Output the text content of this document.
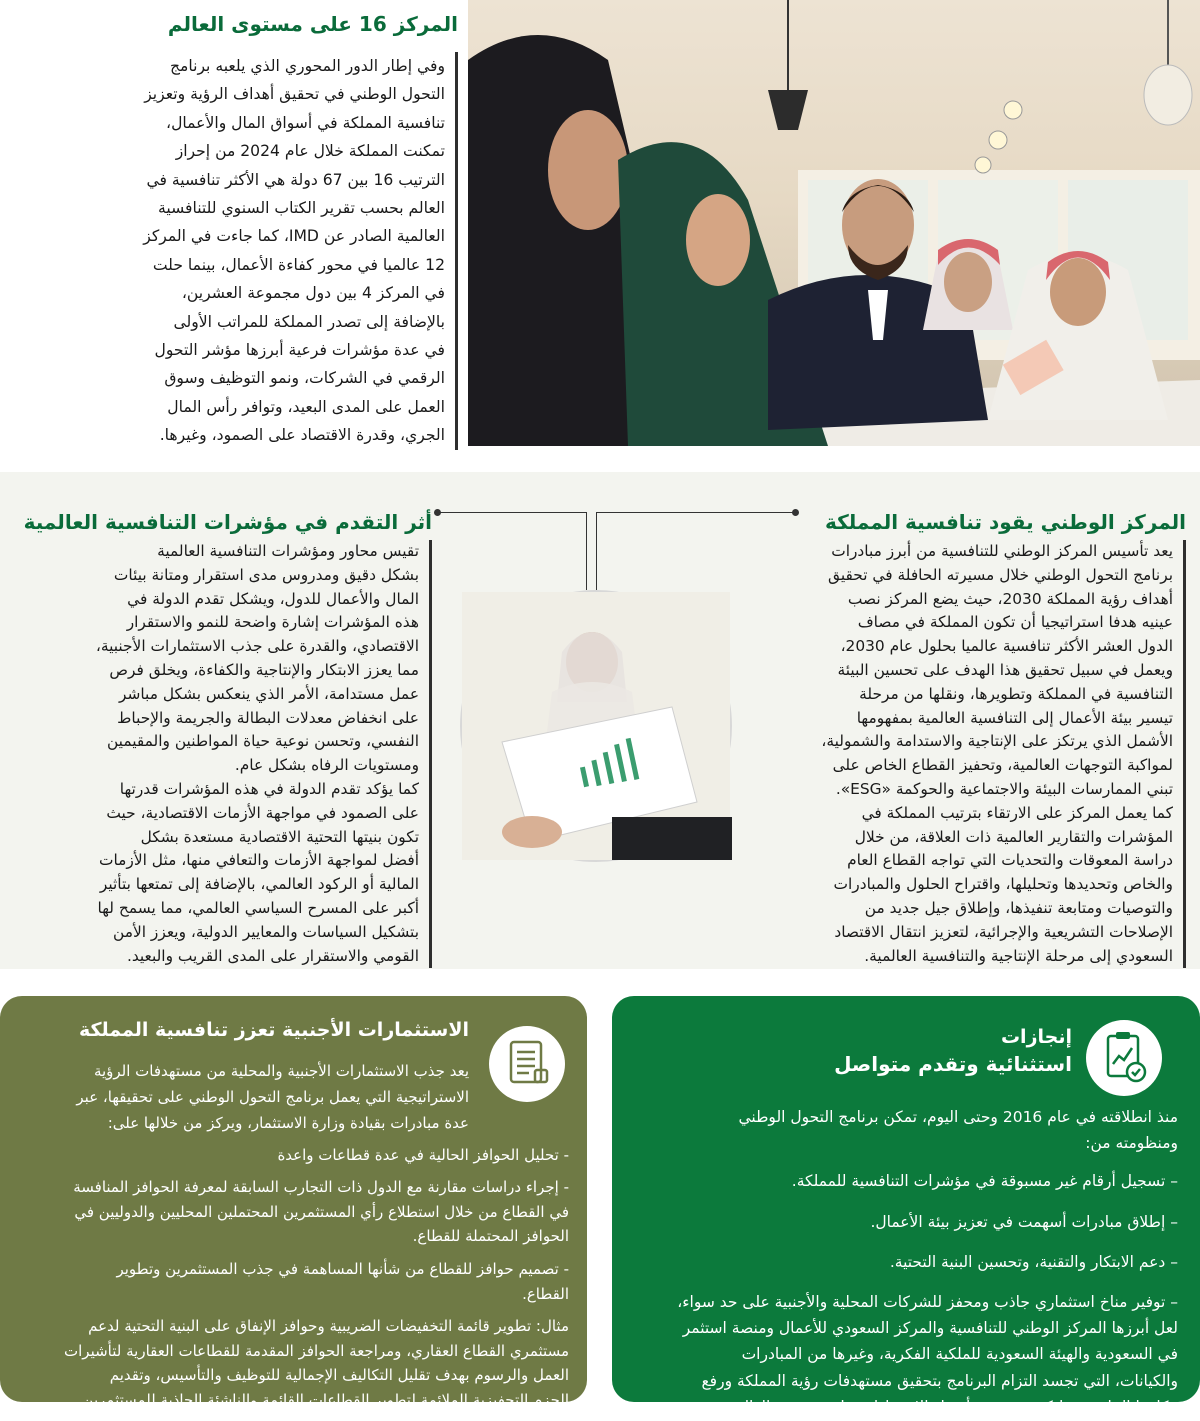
المركز 16 على مستوى العالم

وفي إطار الدور المحوري الذي يلعبه برنامج

التحول الوطني في تحقيق أهداف الرؤية وتعزيز

تنافسية المملكة في أسواق المال والأعمال،

تمكنت المملكة خلال عام 2024 من إحراز

الترتيب 16 بين 67 دولة هي الأكثر تنافسية في

العالم بحسب تقرير الكتاب السنوي للتنافسية

العالمية الصادر عن IMD، كما جاءت في المركز

12 عالميا في محور كفاءة الأعمال، بينما حلت

في المركز 4 بين دول مجموعة العشرين،

بالإضافة إلى تصدر المملكة للمراتب الأولى

في عدة مؤشرات فرعية أبرزها مؤشر التحول

الرقمي في الشركات، ونمو التوظيف وسوق

العمل على المدى البعيد، وتوافر رأس المال

الجري، وقدرة الاقتصاد على الصمود، وغيرها.

المركز الوطني يقود تنافسية المملكة

يعد تأسيس المركز الوطني للتنافسية من أبرز مبادرات

برنامج التحول الوطني خلال مسيرته الحافلة في تحقيق

أهداف رؤية المملكة 2030، حيث يضع المركز نصب

عينيه هدفا استراتيجيا أن تكون المملكة في مصاف

الدول العشر الأكثر تنافسية عالميا بحلول عام 2030،

ويعمل في سبيل تحقيق هذا الهدف على تحسين البيئة

التنافسية في المملكة وتطويرها، ونقلها من مرحلة

تيسير بيئة الأعمال إلى التنافسية العالمية بمفهومها

الأشمل الذي يرتكز على الإنتاجية والاستدامة والشمولية،

لمواكبة التوجهات العالمية، وتحفيز القطاع الخاص على

تبني الممارسات البيئة والاجتماعية والحوكمة «ESG».

كما يعمل المركز على الارتقاء بترتيب المملكة في

المؤشرات والتقارير العالمية ذات العلاقة، من خلال

دراسة المعوقات والتحديات التي تواجه القطاع العام

والخاص وتحديدها وتحليلها، واقتراح الحلول والمبادرات

والتوصيات ومتابعة تنفيذها، وإطلاق جيل جديد من

الإصلاحات التشريعية والإجرائية، لتعزيز انتقال الاقتصاد

السعودي إلى مرحلة الإنتاجية والتنافسية العالمية.

أثر التقدم في مؤشرات التنافسية العالمية

تقيس محاور ومؤشرات التنافسية العالمية

بشكل دقيق ومدروس مدى استقرار ومتانة بيئات

المال والأعمال للدول، ويشكل تقدم الدولة في

هذه المؤشرات إشارة واضحة للنمو والاستقرار

الاقتصادي، والقدرة على جذب الاستثمارات الأجنبية،

مما يعزز الابتكار والإنتاجية والكفاءة، ويخلق فرص

عمل مستدامة، الأمر الذي ينعكس بشكل مباشر

على انخفاض معدلات البطالة والجريمة والإحباط

النفسي، وتحسن نوعية حياة المواطنين والمقيمين

ومستويات الرفاه بشكل عام.

كما يؤكد تقدم الدولة في هذه المؤشرات قدرتها

على الصمود في مواجهة الأزمات الاقتصادية، حيث

تكون بنيتها التحتية الاقتصادية مستعدة بشكل

أفضل لمواجهة الأزمات والتعافي منها، مثل الأزمات

المالية أو الركود العالمي، بالإضافة إلى تمتعها بتأثير

أكبر على المسرح السياسي العالمي، مما يسمح لها

بتشكيل السياسات والمعايير الدولية، ويعزز الأمن

القومي والاستقرار على المدى القريب والبعيد.

إنجازات

استثنائية وتقدم متواصل

منذ انطلاقته في عام 2016 وحتى اليوم، تمكن برنامج التحول الوطني

ومنظومته من:

– تسجيل أرقام غير مسبوقة في مؤشرات التنافسية للمملكة.

– إطلاق مبادرات أسهمت في تعزيز بيئة الأعمال.

– دعم الابتكار والتقنية، وتحسين البنية التحتية.

– توفير مناخ استثماري جاذب ومحفز للشركات المحلية والأجنبية على حد سواء،

لعل أبرزها المركز الوطني للتنافسية والمركز السعودي للأعمال ومنصة استثمر

في السعودية والهيئة السعودية للملكية الفكرية، وغيرها من المبادرات

والكيانات، التي تجسد التزام البرنامج بتحقيق مستهدفات رؤية المملكة ورفع

مكانتها التنافسية، لتكون من بين أفضل الاقتصادات على مستوى العالم.

الاستثمارات الأجنبية تعزز تنافسية المملكة

يعد جذب الاستثمارات الأجنبية والمحلية من مستهدفات الرؤية

الاستراتيجية التي يعمل برنامج التحول الوطني على تحقيقها، عبر

عدة مبادرات بقيادة وزارة الاستثمار، ويركز من خلالها على:

- تحليل الحوافز الحالية في عدة قطاعات واعدة

- إجراء دراسات مقارنة مع الدول ذات التجارب السابقة لمعرفة الحوافز المنافسة

في القطاع من خلال استطلاع رأي المستثمرين المحتملين المحليين والدوليين في

الحوافز المحتملة للقطاع.

- تصميم حوافز للقطاع من شأنها المساهمة في جذب المستثمرين وتطوير

القطاع.

مثال: تطوير قائمة التخفيضات الضريبية وحوافز الإنفاق على البنية التحتية لدعم

مستثمري القطاع العقاري، ومراجعة الحوافز المقدمة للقطاعات العقارية لتأشيرات

العمل والرسوم بهدف تقليل التكاليف الإجمالية للتوظيف والتأسيس، وتقديم

الحزم التحفيزية الملائمة لتطوير القطاعات القائمة والناشئة الجاذبة للمستثمرين.
